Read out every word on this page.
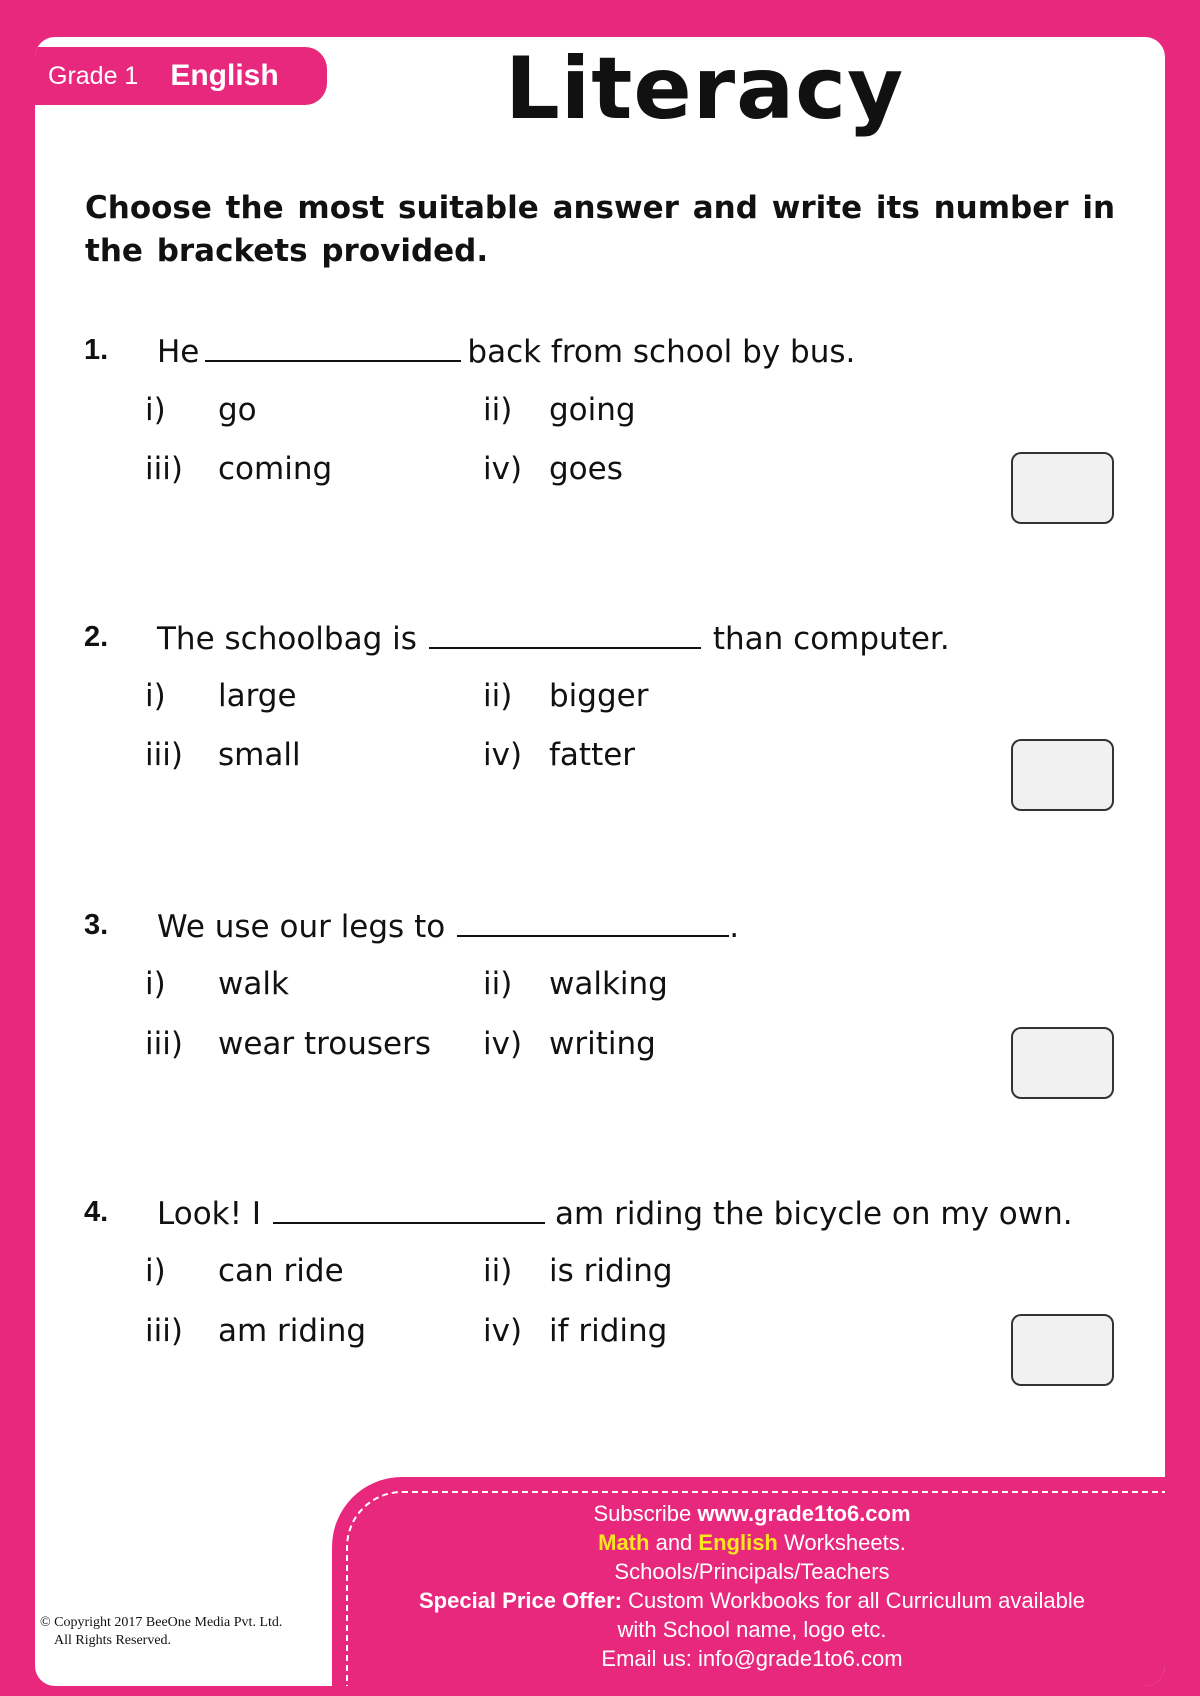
Grade 1 English	Literacy
Choose the most suitable answer and write its number in the brackets provided.
1. He	back from school by bus.
i) go	ii) going
iii) coming	iv) goes
2. The schoolbag is	than computer.
i) large	ii) bigger
iii) small	iv) fatter
3. We use our legs to	.
i) walk	ii) walking
iii) wear trousers iv) writing
4. Look! I	am riding the bicycle on my own.
i) can ride	ii) is riding
iii) am riding	iv) if riding
© Copyright 2017 BeeOne Media Pvt. Ltd.
All Rights Reserved.
Subscribe www.grade1to6.com
Math and English Worksheets.
Schools/Principals/Teachers
Special Price Offer: Custom Workbooks for all Curriculum available
with School name, logo etc.
Email us: info@grade1to6.com
